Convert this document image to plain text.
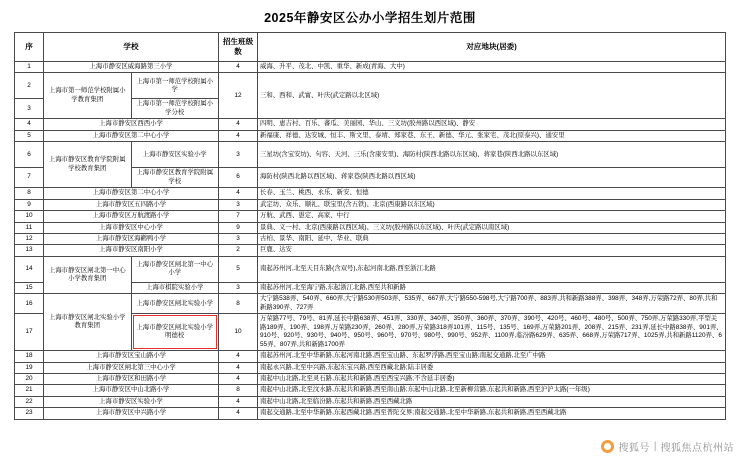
2025年静安区公办小学招生划片范围
序	学校		招生班级数	对应地块(居委)
1	上海市静安区威海路第三小学		4	威海、升平、茂北、中凯、重华、新成(青海、大中)
2	上海市第一师范学校附属小学教育集团	上海市第一师范学校附属小学	12	三和、西和、武甯、叶庆(武定路以北区域)
3		上海市第一师范学校附属小学分校		
4	上海市静安区西西小学		4	四明、恵吉村、百乐、蕃瓜、美丽园、华山、三义坊(胶州路以西区域)、静安
5	上海市静安区第二中心小学		4	新福康、祥德、达安城、恒丰、斯文里、泰靖、郑家巷、东王、新德、华元、张家宅、茂北(原泰兴)、通安里
6	上海市静安区教育学院附属学校教育集团	上海市静安区实验小学	3	三星坊(含宝安坊)、句容、天河、三乐(含康安里)、海防村(陕西北路以东区域)、蒋家巷(陕西北路以东区域)
7		上海市静安区教育学院附属学校	6	海防村(陕西北路以西区域)、蒋家巷(陕西北路以西区域)
8	上海市静安区第二中心小学		4	长春、玉兰、桃西、永乐、新安、恒德
9	上海市静安区五四路小学		3	武定坊、众乐、顺礼、联宝里(含五铁)、北京(西康路以东区域)
10	上海市静安区万航渡路小学		7	万航、武西、愚定、高家、中行
11	上海市静安区中心小学		9	景典、义一村、北京(西康路以西区域)、三义坊(胶州路以东区域)、叶庆(武定路以南区域)
12	上海市静安区海鹳鸭小学		3	古柏、景华、南阳、延中、华业、联典
13	上海市静安区南阳小学		2	巨鹿、达安
14	上海市静安区闸北第一中心小学教育集团	上海市静安区闸北第一中心小学	5	南起苏州河,北至天目东路(含双号),东起河南北路,西至浙江北路
15		上海市棋院实验小学	3	南起苏州河,北至海宁路,东起浙江北路,西至共和新路
16	上海市静安区闸北实验小学教育集团	上海市静安区闸北实验小学	8	大宁路538弄、540弄、660弄,大宁路530弄503弄、535弄、667弄,大宁路550-598号,大宁路700弄、883弄,共和新路388弄、398弄、348弄,万荣路72弄、80弄,共和新路390弄、727弄
17		上海市静安区闸北实验小学明德校	10	万荣路77号、79号、81弄,延长中路638弄、451弄、330弄、340弄、350弄、360弄、370弄、390号、420号、460号、480号、500弄、750弄,万荣路330弄,平型关路189弄、190弄、198弄,万荣路230弄、260弄、280弄,万荣路318弄101弄、115号、135号、169弄,万荣路201弄、208弄、215弄、231弄,延长中路838弄、901弄、910号、920号、930号、940号、950号、960号、970号、980号、990号、952弄、1100弄,临汾路629弄、635弄、668弄,万荣路717弄、1025弄,共和新路1120弄、655弄、807弄,共和新路1700弄
18	上海市静安区宝山路小学		4	南起苏州河,北至中华新路,东起河南北路,西至宝山路、东起罗浮路,西至宝山路;南起交通路,北至广中路
19	上海市静安区闸北第三中心小学		4	南起永兴路,北至中兴路,东起东宝兴路,西至西藏北路;陆丰居委
20	上海市静安区和田路小学		4	南起中山北路,北至灵石路,东起共和新路,西至西宝兴路;不含延丰居委)
21	上海市静安区中山北路小学		8	南起中山北路,北至汶水路,东起共和新路,西至南山路;东起中山北路,北至新柳营路,东起共和新路,西至沪沪太路(一年级)
22	上海市静安区实验小学		4	南起中山北路,北至临汾路,东起共和新路,西至西藏北路
23	上海市静安区中兴路小学		4	南起交通路,北至中华新路,东起西藏北路,西至普陀交界;南起交通路,北至中华新路,东起共和新路,西至西藏北路
搜狐号 | 搜狐焦点杭州站
